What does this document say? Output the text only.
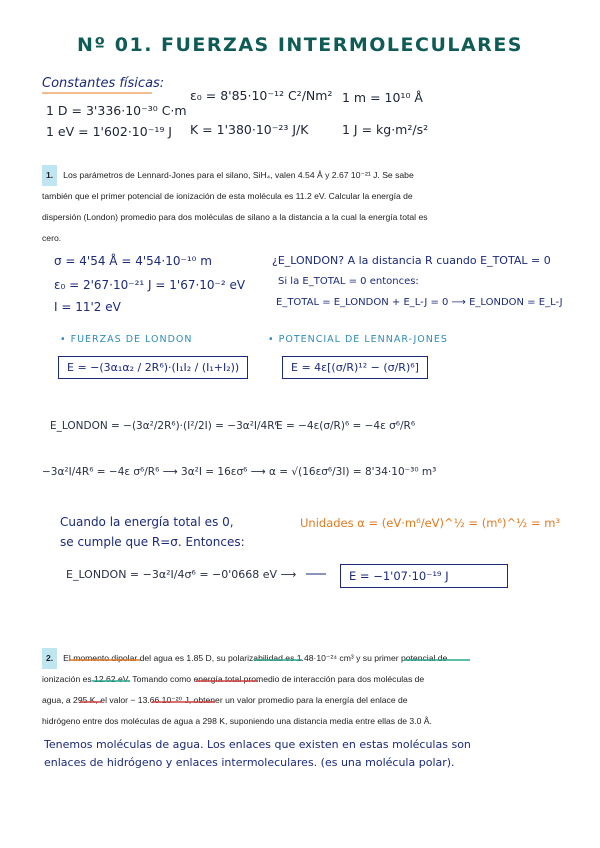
Nº 01. FUERZAS INTERMOLECULARES
Constantes físicas:
1 D = 3'336·10⁻³⁰ C·m
1 eV = 1'602·10⁻¹⁹ J
ε₀ = 8'85·10⁻¹² C²/Nm²
K = 1'380·10⁻²³ J/K
1 m = 10¹⁰ Å
1 J = kg·m²/s²
1. Los parámetros de Lennard-Jones para el silano, SiH₄, valen 4.54 Å y 2.67 10⁻²¹ J. Se sabe
también que el primer potencial de ionización de esta molécula es 11.2 eV. Calcular la energía de
dispersión (London) promedio para dos moléculas de silano a la distancia a la cual la energía total es
cero.
σ = 4'54 Å = 4'54·10⁻¹⁰ m
ε₀ = 2'67·10⁻²¹ J = 1'67·10⁻² eV
I = 11'2 eV
¿E_LONDON? A la distancia R cuando E_TOTAL = 0
Si la E_TOTAL = 0 entonces:
E_TOTAL = E_LONDON + E_L-J = 0 ⟶ E_LONDON = E_L-J
• FUERZAS DE LONDON	• POTENCIAL DE LENNAR-JONES
E = −(3α₁α₂ / 2R⁶)·(I₁I₂ / (I₁+I₂))	E = 4ε[(σ/R)¹² − (σ/R)⁶]
E_LONDON = −(3α²/2R⁶)·(I²/2I) = −3α²I/4R⁶
E = −4ε(σ/R)⁶ = −4ε σ⁶/R⁶
−3α²I/4R⁶ = −4ε σ⁶/R⁶ ⟶ 3α²I = 16εσ⁶ ⟶ α = √(16εσ⁶/3I) = 8'34·10⁻³⁰ m³
Cuando la energía total es 0,
se cumple que R=σ. Entonces:
Unidades α = (eV·m⁶/eV)^½ = (m⁶)^½ = m³
E_LONDON = −3α²I/4σ⁶ = −0'0668 eV ⟶	E = −1'07·10⁻¹⁹ J
2. El momento dipolar del agua es 1.85 D, su polarizabilidad es 1.48·10⁻²⁴ cm³ y su primer potencial de
ionización es 12.62 eV. Tomando como energía total promedio de interacción para dos moléculas de
agua, a 295 K, el valor − 13.66 10⁻²⁰ J, obtener un valor promedio para la energía del enlace de
hidrógeno entre dos moléculas de agua a 298 K, suponiendo una distancia media entre ellas de 3.0 Å.
Tenemos moléculas de agua. Los enlaces que existen en estas moléculas son
enlaces de hidrógeno y enlaces intermoleculares. (es una molécula polar).
